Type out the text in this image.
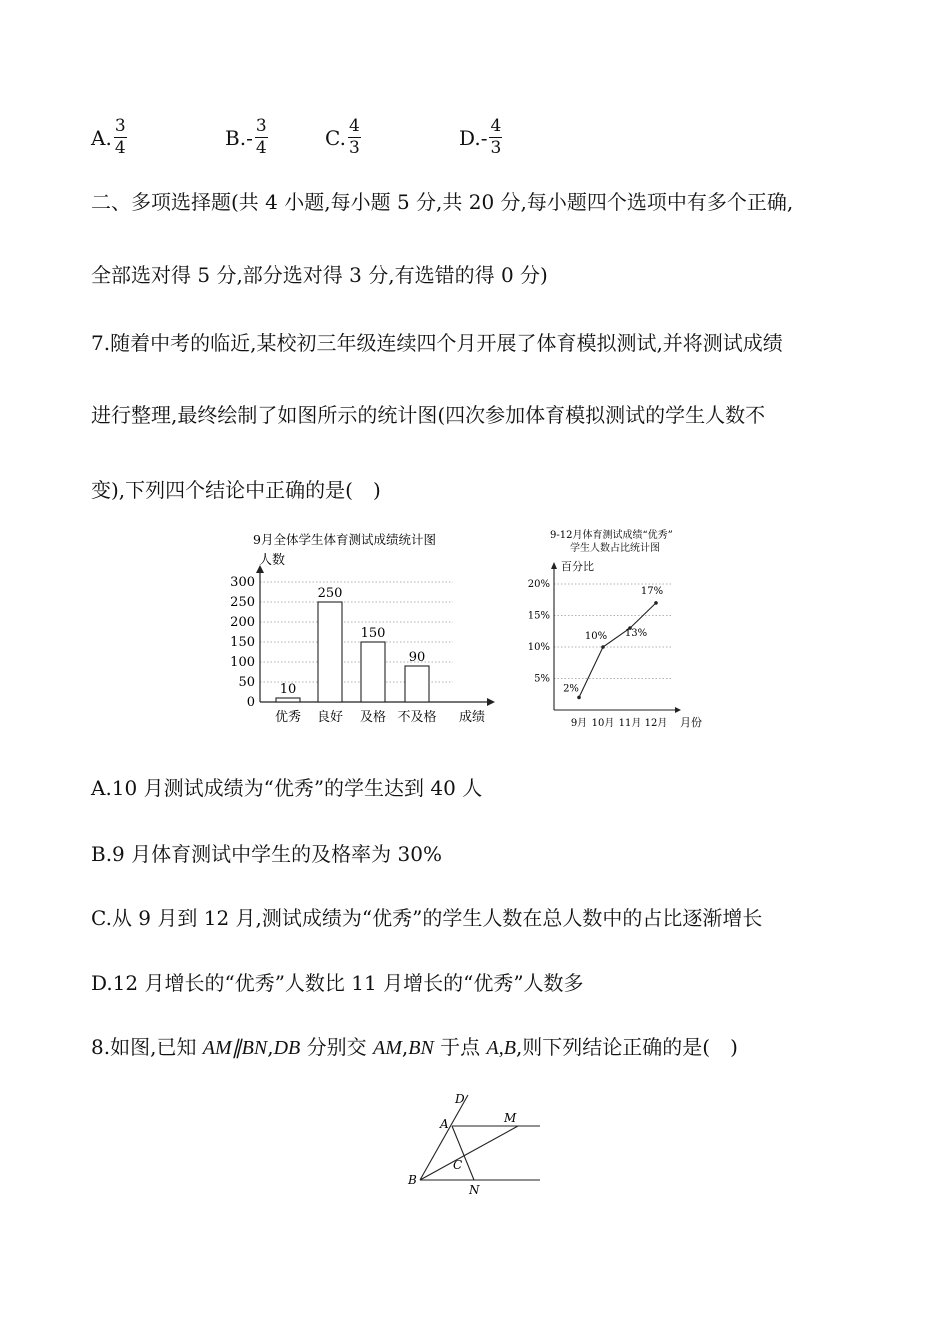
A. $\frac{3}{4}$	B. - $\frac{3}{4}$	C. $\frac{4}{3}$	D. - $\frac{4}{3}$
二、多项选择题(共 4 小题,每小题 5 分,共 20 分,每小题四个选项中有多个正确,
全部选对得 5 分,部分选对得 3 分,有选错的得 0 分)
7.随着中考的临近,某校初三年级连续四个月开展了体育模拟测试,并将测试成绩
进行整理,最终绘制了如图所示的统计图(四次参加体育模拟测试的学生人数不
变),下列四个结论中正确的是(　)
9月全体学生体育测试成绩统计图
人数
0
50
100
150
200
250
300
10
优秀
250
良好
150
及格
90
不及格 成绩
9-12月体育测试成绩“优秀”
学生人数占比统计图
百分比
5%
10%
15%
20%
2%
9月
10%
10月
13%
11月
17%
12月 月份
A.10 月测试成绩为“优秀”的学生达到 40 人
B.9 月体育测试中学生的及格率为 30%
C.从 9 月到 12 月,测试成绩为“优秀”的学生人数在总人数中的占比逐渐增长
D.12 月增长的“优秀”人数比 11 月增长的“优秀”人数多
8.如图,已知 AM∥BN,DB 分别交 AM,BN 于点 A,B,则下列结论正确的是(　)
D
A	M
C
B
N
